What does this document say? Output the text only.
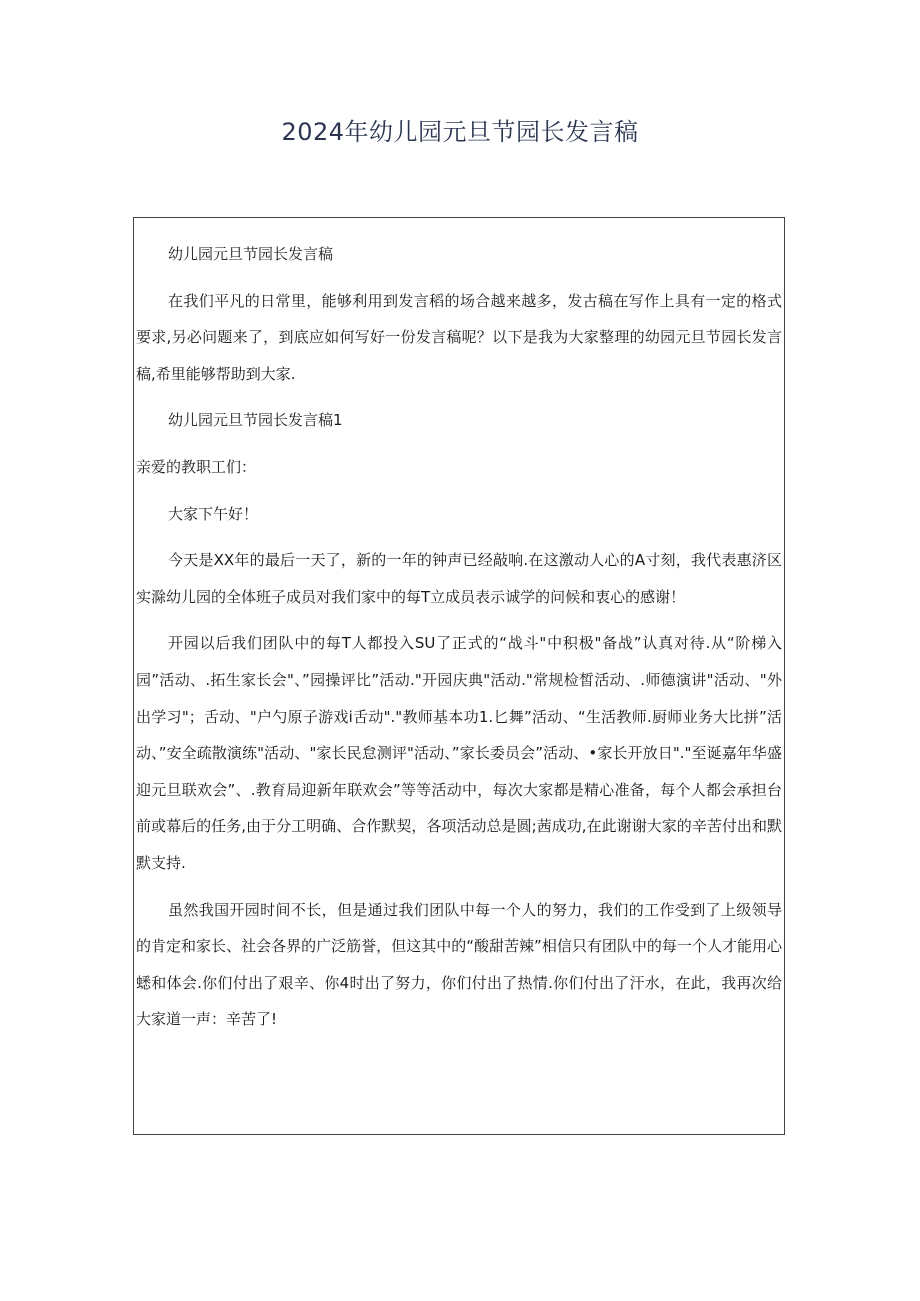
2024年幼儿园元旦节园长发言稿

幼儿园元旦节园长发言稿

在我们平凡的日常里，能够利用到发言稻的场合越来越多，发古稿在写作上具有一定的格式要求,另必问题来了，到底应如何写好一份发言稿呢？以下是我为大家整理的幼园元旦节园长发言稿,希里能够帮助到大家.

幼儿园元旦节园长发言稿1

亲爱的教职工们：

大家下午好！

今天是XX年的最后一天了，新的一年的钟声已经敲响.在这激动人心的A寸刻，我代表惠济区实滁幼儿园的全体班子成员对我们家中的每T立成员表示诚学的问候和衷心的感谢！

开园以后我们团队中的每T人都投入SU了正式的“战斗"中积极"备战”认真对待.从“阶梯入园”活动、.拓生家长会"、”园操评比”活动."开园庆典"活动."常规检皙活动、.师德演讲"活动、"外出学习"；舌动、"户勺原子游戏i舌动"."教师基本功1.匕舞”活动、“生活教师.厨师业务大比拼”活动、”安全疏散演练"活动、"家长民怠测评"活动、”家长委员会”活动、•家长开放日"."至诞嘉年华盛迎元旦联欢会”、.教育局迎新年联欢会”等等活动中，每次大家都是精心准备，每个人都会承担台前或幕后的任务,由于分工明确、合作默契，各项活动总是圆;茜成功,在此谢谢大家的辛苦付出和默默支持.

虽然我国开园时间不长，但是通过我们团队中每一个人的努力，我们的工作受到了上级领导的肯定和家长、社会各界的广泛筋誉，但这其中的“酸甜苦辣”相信只有团队中的每一个人才能用心蟋和体会.你们付出了艰辛、你4时出了努力，你们付出了热情.你们付出了汗水，在此，我再次给大家道一声：辛苦了!
